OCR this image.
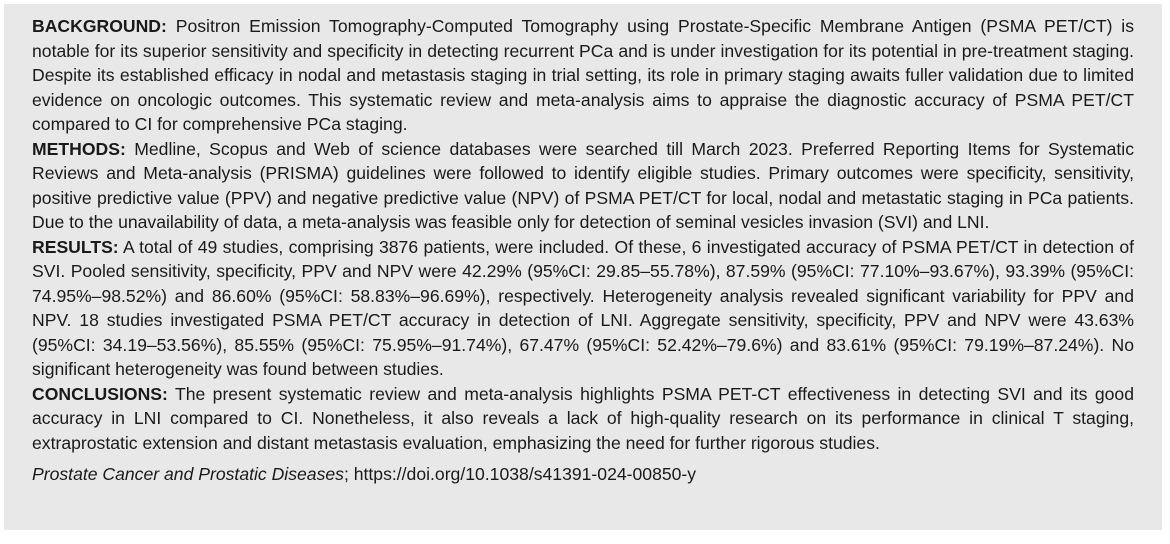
BACKGROUND: Positron Emission Tomography-Computed Tomography using Prostate-Specific Membrane Antigen (PSMA PET/CT) is notable for its superior sensitivity and specificity in detecting recurrent PCa and is under investigation for its potential in pre-treatment staging. Despite its established efficacy in nodal and metastasis staging in trial setting, its role in primary staging awaits fuller validation due to limited evidence on oncologic outcomes. This systematic review and meta-analysis aims to appraise the diagnostic accuracy of PSMA PET/CT compared to CI for comprehensive PCa staging.

METHODS: Medline, Scopus and Web of science databases were searched till March 2023. Preferred Reporting Items for Systematic Reviews and Meta-analysis (PRISMA) guidelines were followed to identify eligible studies. Primary outcomes were specificity, sensitivity, positive predictive value (PPV) and negative predictive value (NPV) of PSMA PET/CT for local, nodal and metastatic staging in PCa patients. Due to the unavailability of data, a meta-analysis was feasible only for detection of seminal vesicles invasion (SVI) and LNI.

RESULTS: A total of 49 studies, comprising 3876 patients, were included. Of these, 6 investigated accuracy of PSMA PET/CT in detection of SVI. Pooled sensitivity, specificity, PPV and NPV were 42.29% (95%CI: 29.85–55.78%), 87.59% (95%CI: 77.10%–93.67%), 93.39% (95%CI: 74.95%–98.52%) and 86.60% (95%CI: 58.83%–96.69%), respectively. Heterogeneity analysis revealed significant variability for PPV and NPV. 18 studies investigated PSMA PET/CT accuracy in detection of LNI. Aggregate sensitivity, specificity, PPV and NPV were 43.63% (95%CI: 34.19–53.56%), 85.55% (95%CI: 75.95%–91.74%), 67.47% (95%CI: 52.42%–79.6%) and 83.61% (95%CI: 79.19%–87.24%). No significant heterogeneity was found between studies.

CONCLUSIONS: The present systematic review and meta-analysis highlights PSMA PET-CT effectiveness in detecting SVI and its good accuracy in LNI compared to CI. Nonetheless, it also reveals a lack of high-quality research on its performance in clinical T staging, extraprostatic extension and distant metastasis evaluation, emphasizing the need for further rigorous studies.

Prostate Cancer and Prostatic Diseases; https://doi.org/10.1038/s41391-024-00850-y
